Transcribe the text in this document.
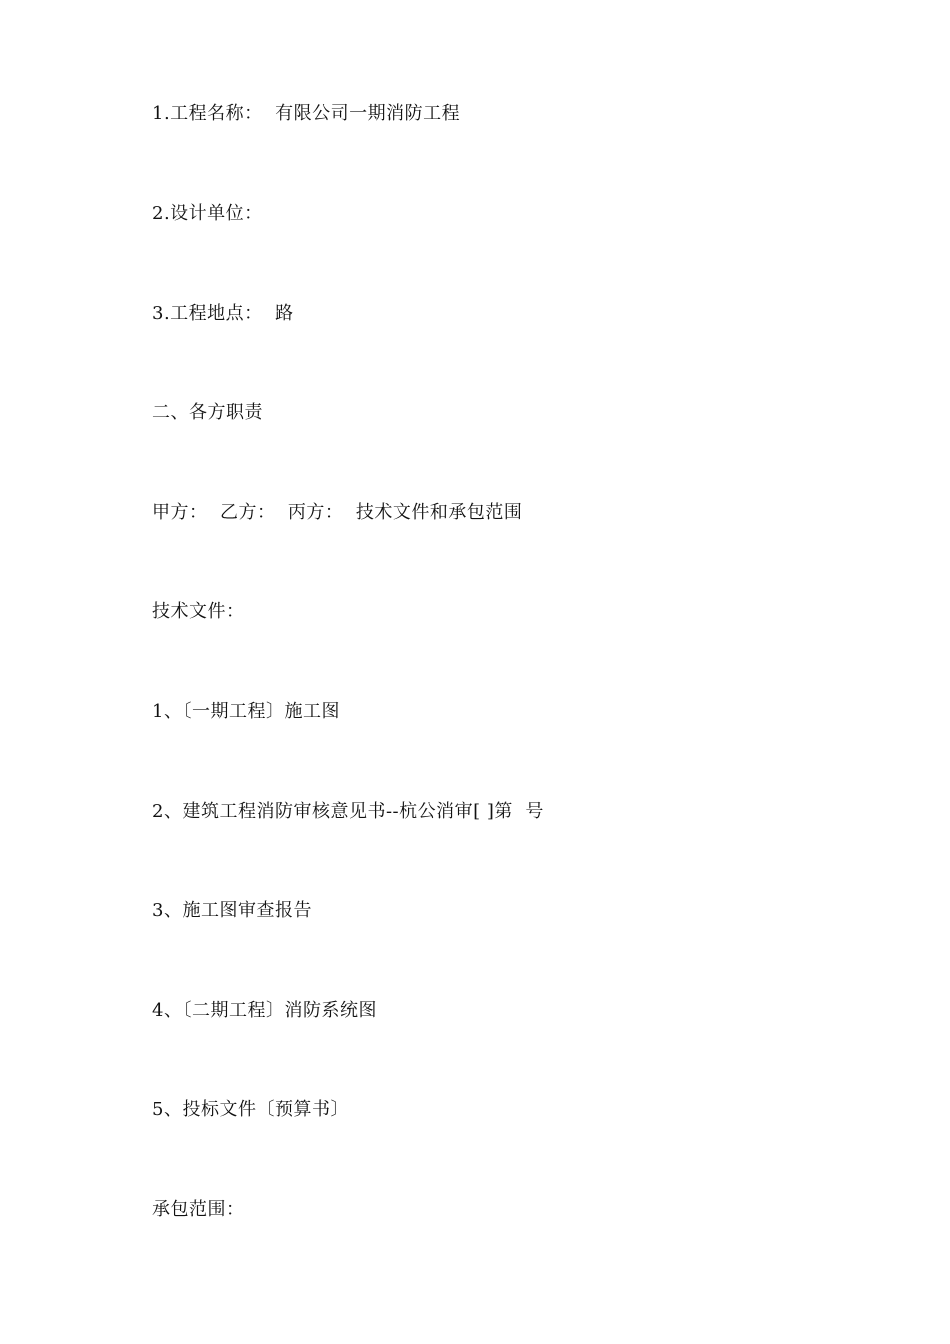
1.工程名称：  有限公司一期消防工程
2.设计单位：
3.工程地点：  路
二、各方职责
甲方：  乙方：  丙方：  技术文件和承包范围
技术文件：
1、〔一期工程〕施工图
2、建筑工程消防审核意见书--杭公消审[ ]第  号
3、施工图审查报告
4、〔二期工程〕消防系统图
5、投标文件〔预算书〕
承包范围：
